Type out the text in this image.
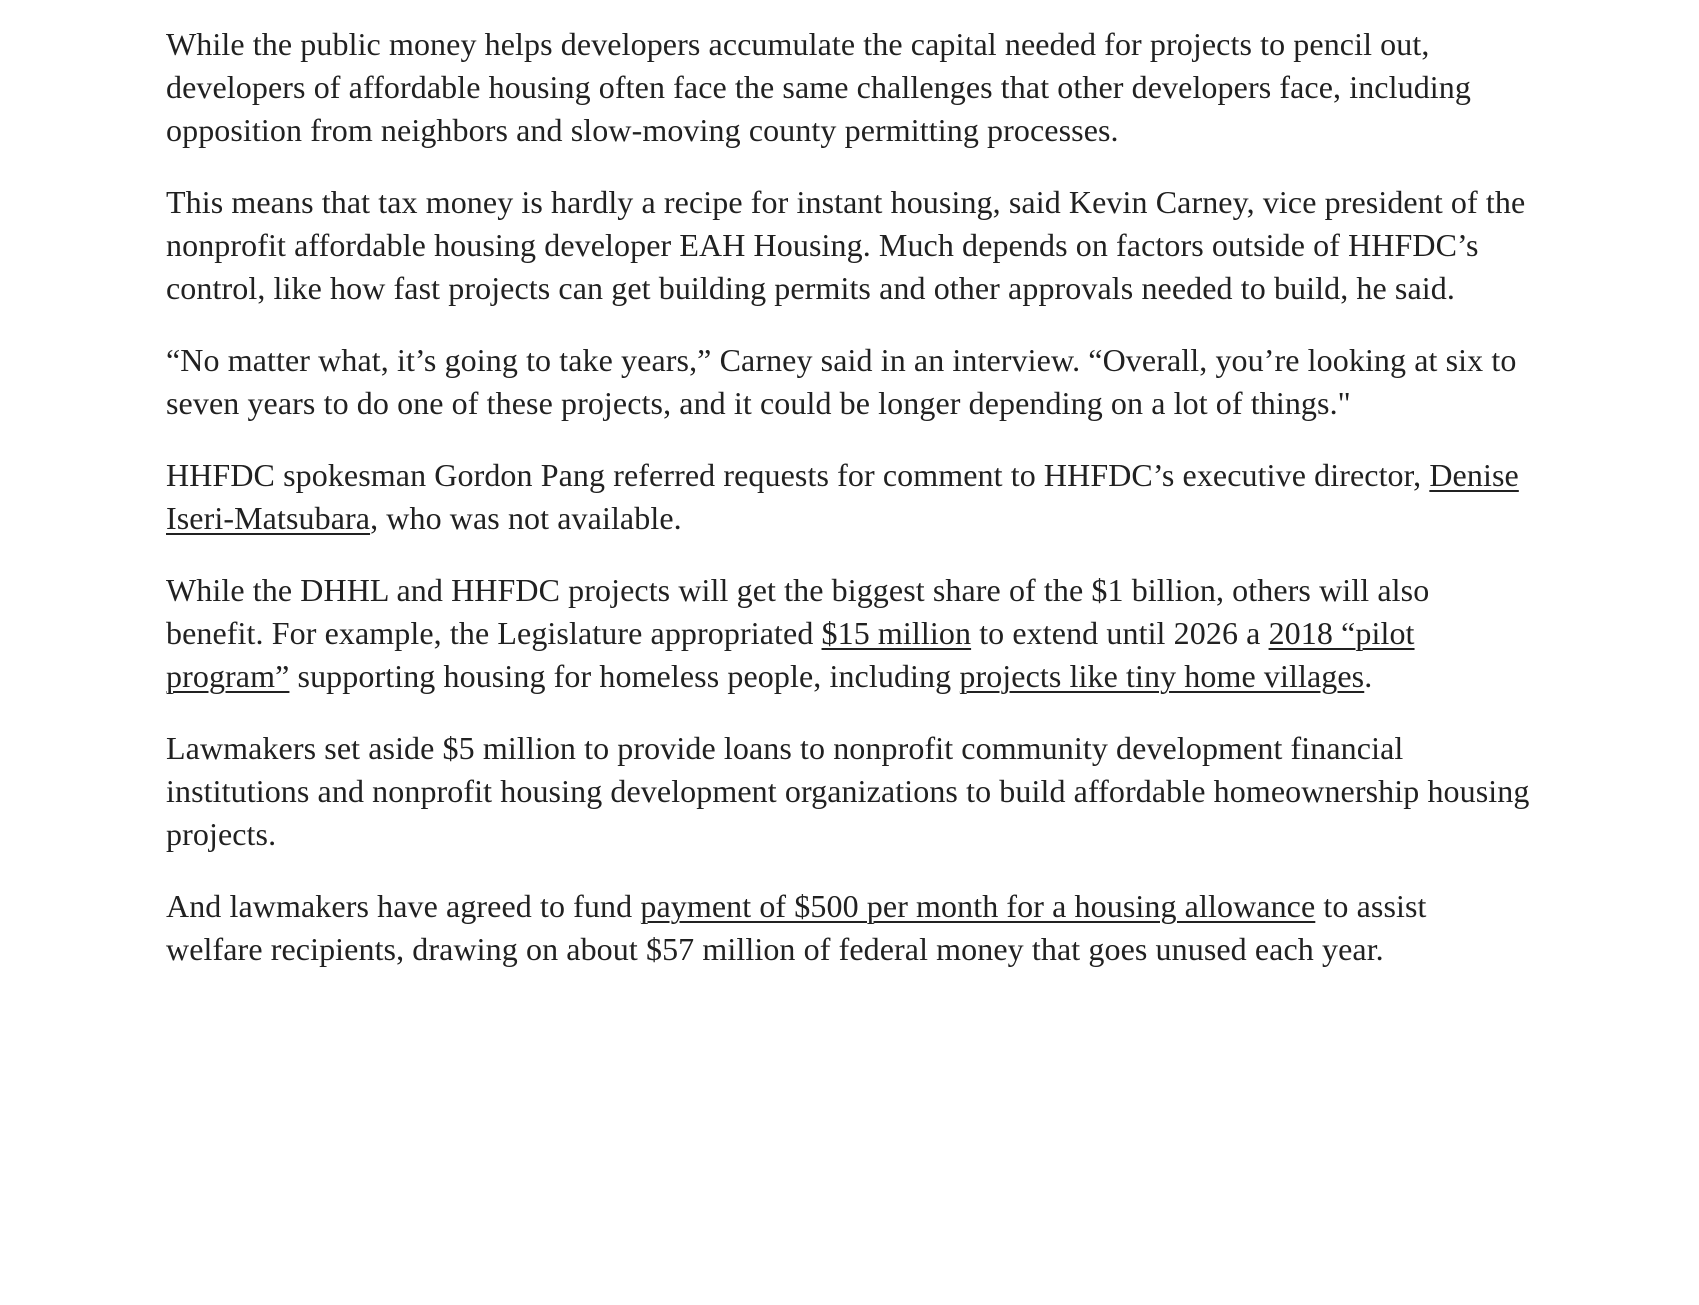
While the public money helps developers accumulate the capital needed for projects to pencil out, developers of affordable housing often face the same challenges that other developers face, including opposition from neighbors and slow-moving county permitting processes.

This means that tax money is hardly a recipe for instant housing, said Kevin Carney, vice president of the nonprofit affordable housing developer EAH Housing. Much depends on factors outside of HHFDC’s control, like how fast projects can get building permits and other approvals needed to build, he said.

“No matter what, it’s going to take years,” Carney said in an interview. “Overall, you’re looking at six to seven years to do one of these projects, and it could be longer depending on a lot of things."

HHFDC spokesman Gordon Pang referred requests for comment to HHFDC’s executive director, Denise Iseri-Matsubara, who was not available.

While the DHHL and HHFDC projects will get the biggest share of the $1 billion, others will also benefit. For example, the Legislature appropriated $15 million to extend until 2026 a 2018 “pilot program” supporting housing for homeless people, including projects like tiny home villages.

Lawmakers set aside $5 million to provide loans to nonprofit community development financial institutions and nonprofit housing development organizations to build affordable homeownership housing projects.

And lawmakers have agreed to fund payment of $500 per month for a housing allowance to assist welfare recipients, drawing on about $57 million of federal money that goes unused each year.
